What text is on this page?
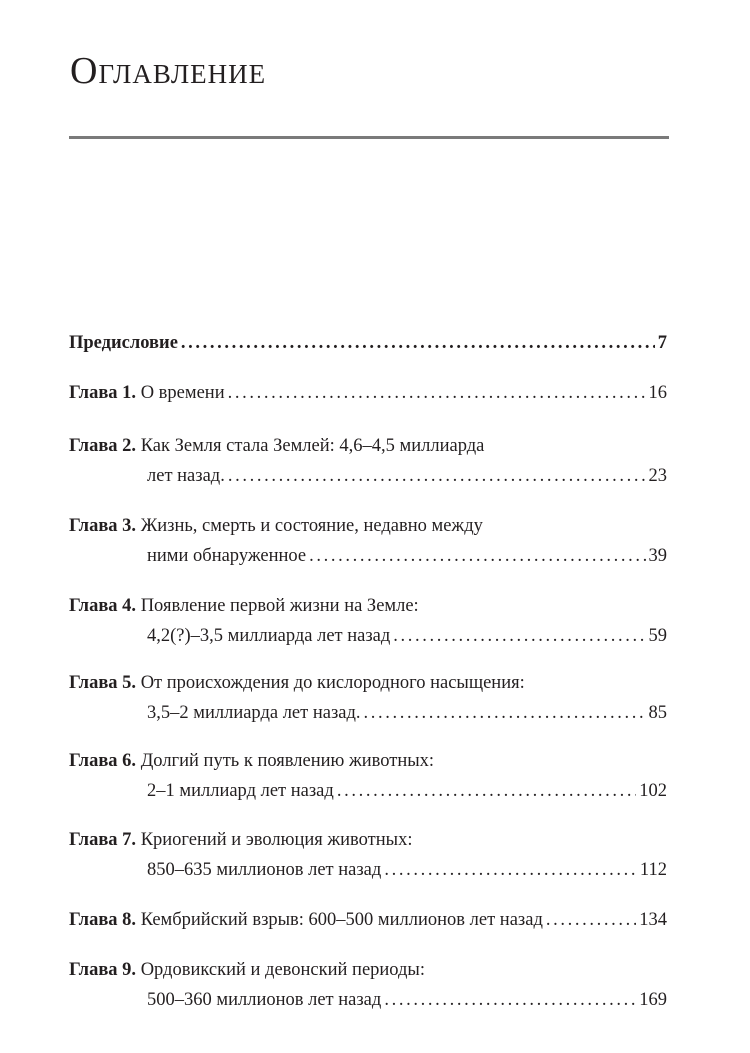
Оглавление
Предисловие . . .	7
Глава 1.
О времени . . .	16
Глава 2.
Как Земля стала Землей: 4,6–4,5 миллиарда
лет назад. . . .	23
Глава 3.
Жизнь, смерть и состояние, недавно между
ними обнаруженное . . .	39
Глава 4.
Появление первой жизни на Земле:
4,2(?)–3,5 миллиарда лет назад . . .	59
Глава 5.
От происхождения до кислородного насыщения:
3,5–2 миллиарда лет назад. . . .	85
Глава 6.
Долгий путь к появлению животных:
2–1 миллиард лет назад . . .	102
Глава 7.
Криогений и эволюция животных:
850–635 миллионов лет назад . . .	112
Глава 8.
Кембрийский взрыв: 600–500 миллионов лет назад . . .	134
Глава 9.
Ордовикский и девонский периоды:
500–360 миллионов лет назад . . .	169
